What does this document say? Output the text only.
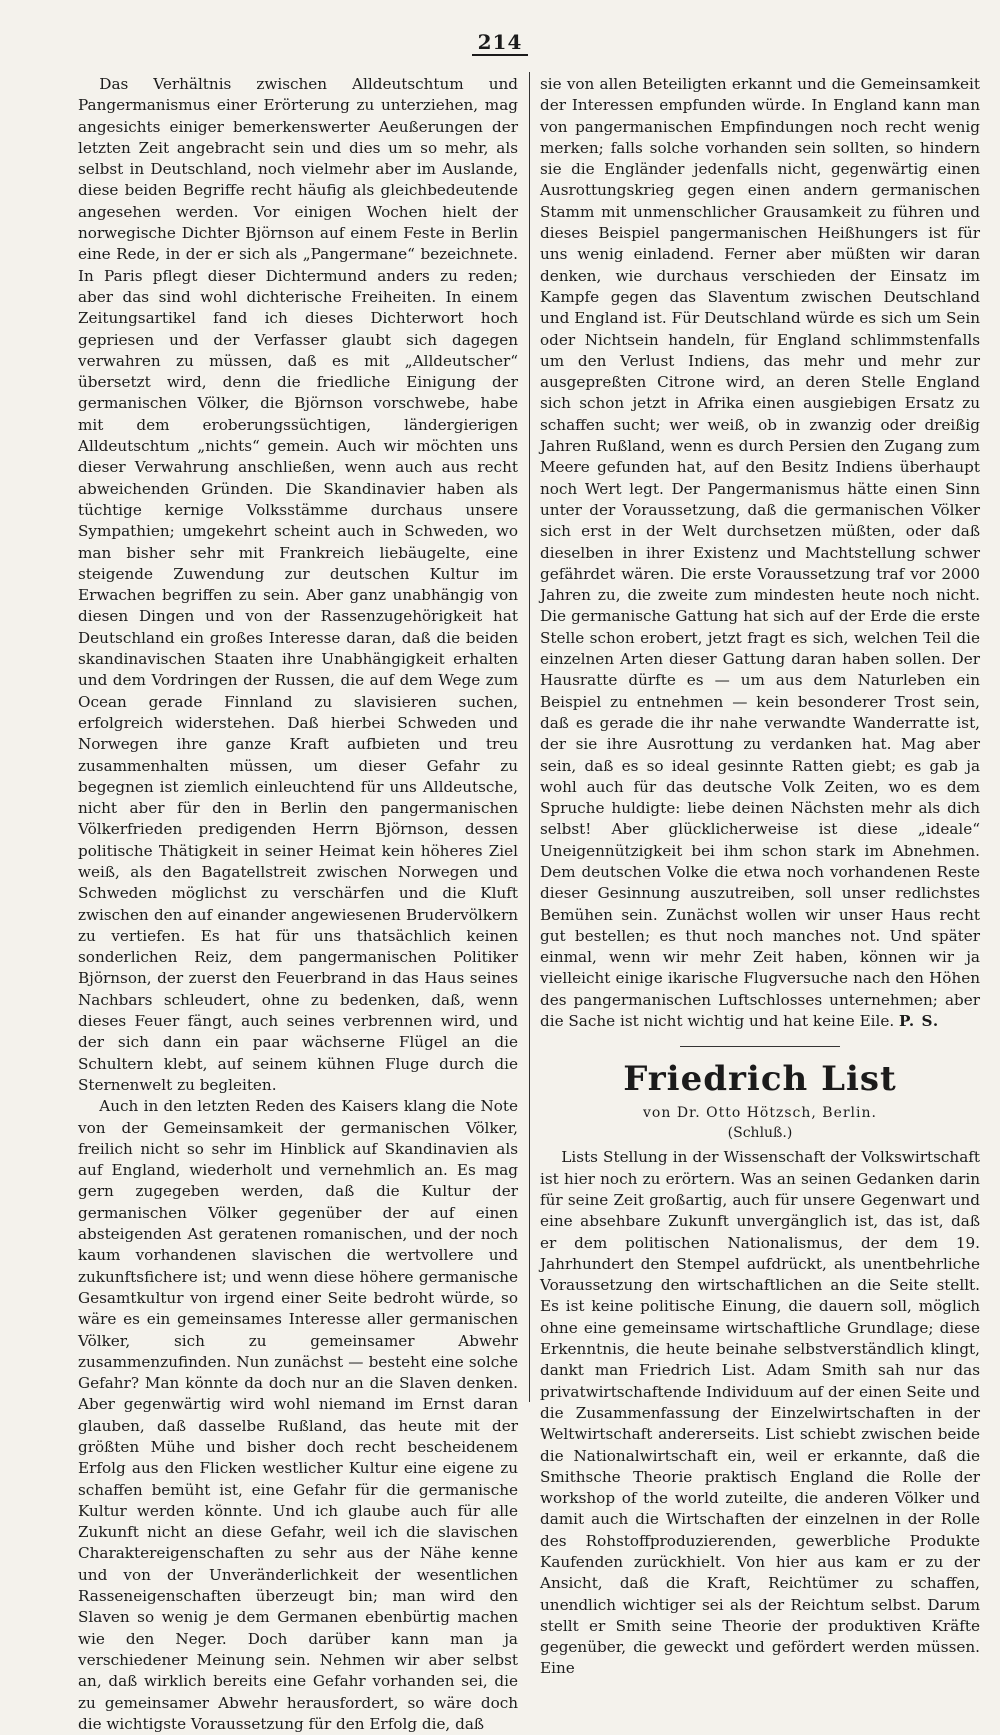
214

Das Verhältnis zwischen Alldeutschtum und Pangermanismus einer Erörterung zu unterziehen, mag angesichts einiger bemerkenswerter Aeußerungen der letzten Zeit angebracht sein und dies um so mehr, als selbst in Deutschland, noch vielmehr aber im Auslande, diese beiden Begriffe recht häufig als gleichbedeutende angesehen werden. Vor einigen Wochen hielt der norwegische Dichter Björnson auf einem Feste in Berlin eine Rede, in der er sich als „Pangermane“ bezeichnete. In Paris pflegt dieser Dichtermund anders zu reden; aber das sind wohl dichterische Freiheiten. In einem Zeitungsartikel fand ich dieses Dichterwort hoch gepriesen und der Verfasser glaubt sich dagegen verwahren zu müssen, daß es mit „Alldeutscher“ übersetzt wird, denn die friedliche Einigung der germanischen Völker, die Björnson vorschwebe, habe mit dem eroberungssüchtigen, ländergierigen Alldeutschtum „nichts“ gemein. Auch wir möchten uns dieser Verwahrung anschließen, wenn auch aus recht abweichenden Gründen. Die Skandinavier haben als tüchtige kernige Volksstämme durchaus unsere Sympathien; umgekehrt scheint auch in Schweden, wo man bisher sehr mit Frankreich liebäugelte, eine steigende Zuwendung zur deutschen Kultur im Erwachen begriffen zu sein. Aber ganz unabhängig von diesen Dingen und von der Rassenzugehörigkeit hat Deutschland ein großes Interesse daran, daß die beiden skandinavischen Staaten ihre Unabhängigkeit erhalten und dem Vordringen der Russen, die auf dem Wege zum Ocean gerade Finnland zu slavisieren suchen, erfolgreich widerstehen. Daß hierbei Schweden und Norwegen ihre ganze Kraft aufbieten und treu zusammenhalten müssen, um dieser Gefahr zu begegnen ist ziemlich einleuchtend für uns Alldeutsche, nicht aber für den in Berlin den pangermanischen Völkerfrieden predigenden Herrn Björnson, dessen politische Thätigkeit in seiner Heimat kein höheres Ziel weiß, als den Bagatellstreit zwischen Norwegen und Schweden möglichst zu verschärfen und die Kluft zwischen den auf einander angewiesenen Brudervölkern zu vertiefen. Es hat für uns thatsächlich keinen sonderlichen Reiz, dem pangermanischen Politiker Björnson, der zuerst den Feuerbrand in das Haus seines Nachbars schleudert, ohne zu bedenken, daß, wenn dieses Feuer fängt, auch seines verbrennen wird, und der sich dann ein paar wächserne Flügel an die Schultern klebt, auf seinem kühnen Fluge durch die Sternenwelt zu begleiten.

Auch in den letzten Reden des Kaisers klang die Note von der Gemeinsamkeit der germanischen Völker, freilich nicht so sehr im Hinblick auf Skandinavien als auf England, wiederholt und vernehmlich an. Es mag gern zugegeben werden, daß die Kultur der germanischen Völker gegenüber der auf einen absteigenden Ast geratenen romanischen, und der noch kaum vorhandenen slavischen die wertvollere und zukunftsfichere ist; und wenn diese höhere germanische Gesamtkultur von irgend einer Seite bedroht würde, so wäre es ein gemeinsames Interesse aller germanischen Völker, sich zu gemeinsamer Abwehr zusammenzufinden. Nun zunächst — besteht eine solche Gefahr? Man könnte da doch nur an die Slaven denken. Aber gegenwärtig wird wohl niemand im Ernst daran glauben, daß dasselbe Rußland, das heute mit der größten Mühe und bisher doch recht bescheidenem Erfolg aus den Flicken westlicher Kultur eine eigene zu schaffen bemüht ist, eine Gefahr für die germanische Kultur werden könnte. Und ich glaube auch für alle Zukunft nicht an diese Gefahr, weil ich die slavischen Charaktereigenschaften zu sehr aus der Nähe kenne und von der Unveränderlichkeit der wesentlichen Rasseneigenschaften überzeugt bin; man wird den Slaven so wenig je dem Germanen ebenbürtig machen wie den Neger. Doch darüber kann man ja verschiedener Meinung sein. Nehmen wir aber selbst an, daß wirklich bereits eine Gefahr vorhanden sei, die zu gemeinsamer Abwehr herausfordert, so wäre doch die wichtigste Voraussetzung für den Erfolg die, daß

sie von allen Beteiligten erkannt und die Gemeinsamkeit der Interessen empfunden würde. In England kann man von pangermanischen Empfindungen noch recht wenig merken; falls solche vorhanden sein sollten, so hindern sie die Engländer jedenfalls nicht, gegenwärtig einen Ausrottungskrieg gegen einen andern germanischen Stamm mit unmenschlicher Grausamkeit zu führen und dieses Beispiel pangermanischen Heißhungers ist für uns wenig einladend. Ferner aber müßten wir daran denken, wie durchaus verschieden der Einsatz im Kampfe gegen das Slaventum zwischen Deutschland und England ist. Für Deutschland würde es sich um Sein oder Nichtsein handeln, für England schlimmstenfalls um den Verlust Indiens, das mehr und mehr zur ausgepreßten Citrone wird, an deren Stelle England sich schon jetzt in Afrika einen ausgiebigen Ersatz zu schaffen sucht; wer weiß, ob in zwanzig oder dreißig Jahren Rußland, wenn es durch Persien den Zugang zum Meere gefunden hat, auf den Besitz Indiens überhaupt noch Wert legt. Der Pangermanismus hätte einen Sinn unter der Voraussetzung, daß die germanischen Völker sich erst in der Welt durchsetzen müßten, oder daß dieselben in ihrer Existenz und Machtstellung schwer gefährdet wären. Die erste Voraussetzung traf vor 2000 Jahren zu, die zweite zum mindesten heute noch nicht. Die germanische Gattung hat sich auf der Erde die erste Stelle schon erobert, jetzt fragt es sich, welchen Teil die einzelnen Arten dieser Gattung daran haben sollen. Der Hausratte dürfte es — um aus dem Naturleben ein Beispiel zu entnehmen — kein besonderer Trost sein, daß es gerade die ihr nahe verwandte Wanderratte ist, der sie ihre Ausrottung zu verdanken hat. Mag aber sein, daß es so ideal gesinnte Ratten giebt; es gab ja wohl auch für das deutsche Volk Zeiten, wo es dem Spruche huldigte: liebe deinen Nächsten mehr als dich selbst! Aber glücklicherweise ist diese „ideale“ Uneigennützigkeit bei ihm schon stark im Abnehmen. Dem deutschen Volke die etwa noch vorhandenen Reste dieser Gesinnung auszutreiben, soll unser redlichstes Bemühen sein. Zunächst wollen wir unser Haus recht gut bestellen; es thut noch manches not. Und später einmal, wenn wir mehr Zeit haben, können wir ja vielleicht einige ikarische Flugversuche nach den Höhen des pangermanischen Luftschlosses unternehmen; aber die Sache ist nicht wichtig und hat keine Eile. P. S.

Friedrich List
von Dr. Otto Hötzsch, Berlin.
(Schluß.)

Lists Stellung in der Wissenschaft der Volkswirtschaft ist hier noch zu erörtern. Was an seinen Gedanken darin für seine Zeit großartig, auch für unsere Gegenwart und eine absehbare Zukunft unvergänglich ist, das ist, daß er dem politischen Nationalismus, der dem 19. Jahrhundert den Stempel aufdrückt, als unentbehrliche Voraussetzung den wirtschaftlichen an die Seite stellt. Es ist keine politische Einung, die dauern soll, möglich ohne eine gemeinsame wirtschaftliche Grundlage; diese Erkenntnis, die heute beinahe selbstverständlich klingt, dankt man Friedrich List. Adam Smith sah nur das privatwirtschaftende Individuum auf der einen Seite und die Zusammenfassung der Einzelwirtschaften in der Weltwirtschaft andererseits. List schiebt zwischen beide die Nationalwirtschaft ein, weil er erkannte, daß die Smithsche Theorie praktisch England die Rolle der workshop of the world zuteilte, die anderen Völker und damit auch die Wirtschaften der einzelnen in der Rolle des Rohstoffproduzierenden, gewerbliche Produkte Kaufenden zurückhielt. Von hier aus kam er zu der Ansicht, daß die Kraft, Reichtümer zu schaffen, unendlich wichtiger sei als der Reichtum selbst. Darum stellt er Smith seine Theorie der produktiven Kräfte gegenüber, die geweckt und gefördert werden müssen. Eine
